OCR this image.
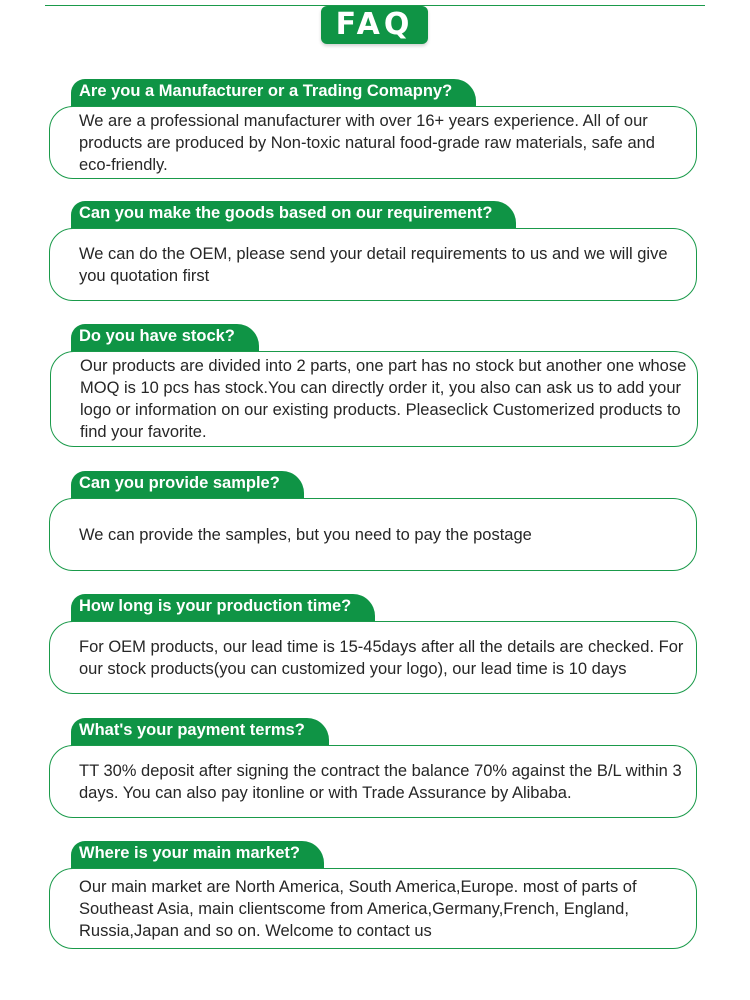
FAQ
Are you a Manufacturer or a Trading Comapny?
We are a professional manufacturer with over 16+ years experience. All of our products are produced by Non-toxic natural food-grade raw materials, safe and eco-friendly.
Can you make the goods based on our requirement?
We can do the OEM, please send your detail requirements to us and we will give you quotation first
Do you have stock?
Our products are divided into 2 parts, one part has no stock but another one whose MOQ is 10 pcs has stock.You can directly order it, you also can ask us to add your logo or information on our existing products. Pleaseclick Customerized products to find your favorite.
Can you provide sample?
We can provide the samples, but you need to pay the postage
How long is your production time?
For OEM products, our lead time is 15-45days after all the details are checked. For our stock products(you can customized your logo), our lead time is 10 days
What's your payment terms?
TT 30% deposit after signing the contract the balance 70% against the B/L within 3 days. You can also pay itonline or with Trade Assurance by Alibaba.
Where is your main market?
Our main market are North America, South America,Europe. most of parts of Southeast Asia, main clientscome from America,Germany,French, England, Russia,Japan and so on. Welcome to contact us
